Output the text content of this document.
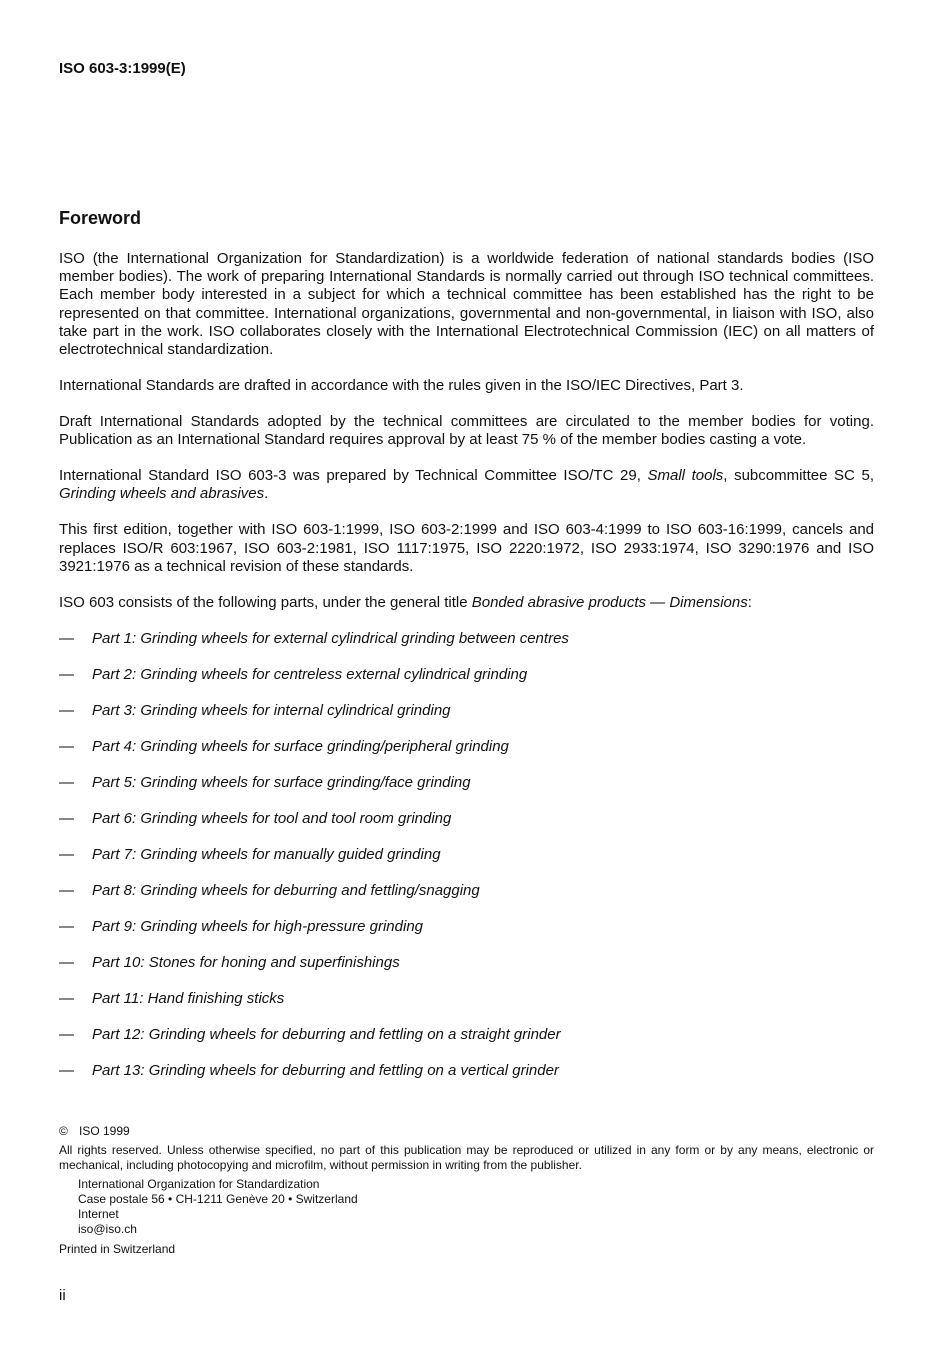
ISO 603-3:1999(E)

Foreword

ISO (the International Organization for Standardization) is a worldwide federation of national standards bodies (ISO member bodies). The work of preparing International Standards is normally carried out through ISO technical committees. Each member body interested in a subject for which a technical committee has been established has the right to be represented on that committee. International organizations, governmental and non-governmental, in liaison with ISO, also take part in the work. ISO collaborates closely with the International Electrotechnical Commission (IEC) on all matters of electrotechnical standardization.

International Standards are drafted in accordance with the rules given in the ISO/IEC Directives, Part 3.

Draft International Standards adopted by the technical committees are circulated to the member bodies for voting. Publication as an International Standard requires approval by at least 75 % of the member bodies casting a vote.

International Standard ISO 603-3 was prepared by Technical Committee ISO/TC 29, Small tools, subcommittee SC 5, Grinding wheels and abrasives.

This first edition, together with ISO 603-1:1999, ISO 603-2:1999 and ISO 603-4:1999 to ISO 603-16:1999, cancels and replaces ISO/R 603:1967, ISO 603-2:1981, ISO 1117:1975, ISO 2220:1972, ISO 2933:1974, ISO 3290:1976 and ISO 3921:1976 as a technical revision of these standards.

ISO 603 consists of the following parts, under the general title Bonded abrasive products — Dimensions:

—	Part 1: Grinding wheels for external cylindrical grinding between centres
—	Part 2: Grinding wheels for centreless external cylindrical grinding
—	Part 3: Grinding wheels for internal cylindrical grinding
—	Part 4: Grinding wheels for surface grinding/peripheral grinding
—	Part 5: Grinding wheels for surface grinding/face grinding
—	Part 6: Grinding wheels for tool and tool room grinding
—	Part 7: Grinding wheels for manually guided grinding
—	Part 8: Grinding wheels for deburring and fettling/snagging
—	Part 9: Grinding wheels for high-pressure grinding
—	Part 10: Stones for honing and superfinishings
—	Part 11: Hand finishing sticks
—	Part 12: Grinding wheels for deburring and fettling on a straight grinder
—	Part 13: Grinding wheels for deburring and fettling on a vertical grinder

© ISO 1999

All rights reserved. Unless otherwise specified, no part of this publication may be reproduced or utilized in any form or by any means, electronic or mechanical, including photocopying and microfilm, without permission in writing from the publisher.

International Organization for Standardization
Case postale 56 • CH-1211 Genève 20 • Switzerland
Internet
iso@iso.ch

Printed in Switzerland

ii
